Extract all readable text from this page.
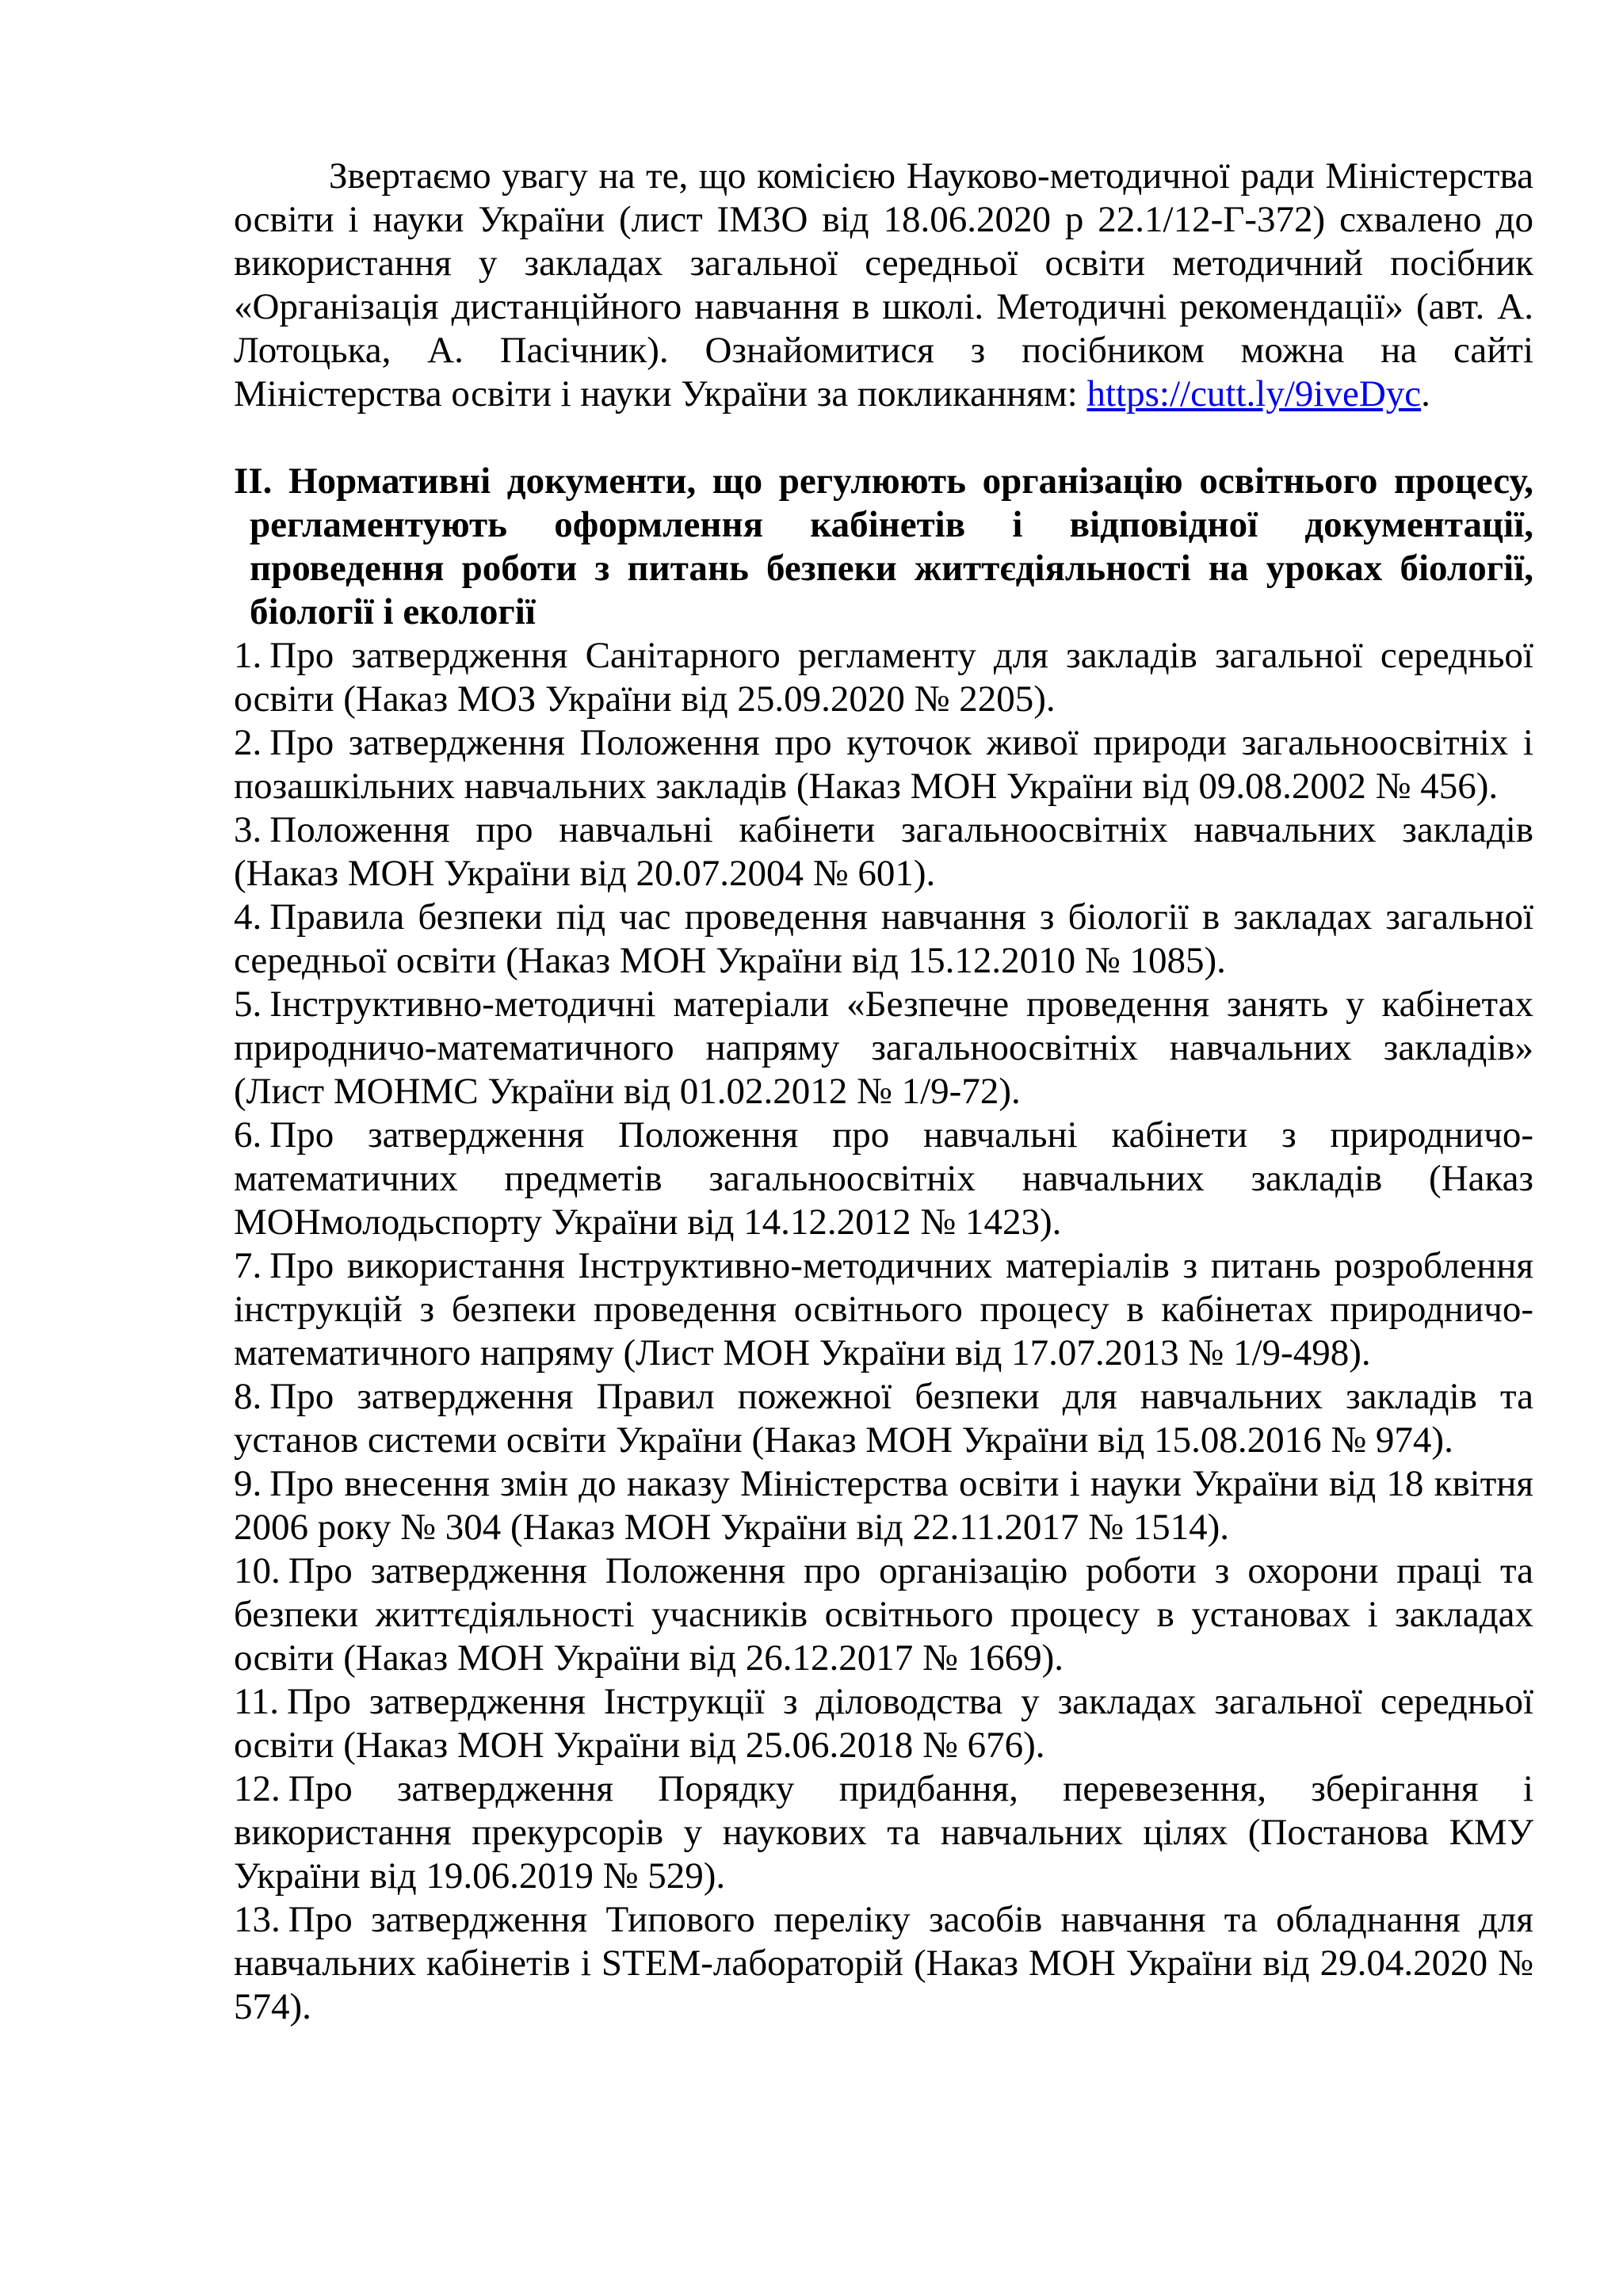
Звертаємо увагу на те, що комісією Науково-методичної ради Міністерства освіти і науки України (лист ІМЗО від 18.06.2020 р 22.1/12-Г-372) схвалено до використання у закладах загальної середньої освіти методичний посібник «Організація дистанційного навчання в школі. Методичні рекомендації» (авт. А. Лотоцька, А. Пасічник). Ознайомитися з посібником можна на сайті Міністерства освіти і науки України за покликанням: https://cutt.ly/9iveDyc.

ІІ. Нормативні документи, що регулюють організацію освітнього процесу, регламентують оформлення кабінетів і відповідної документації, проведення роботи з питань безпеки життєдіяльності на уроках біології, біології і екології

1. Про затвердження Санітарного регламенту для закладів загальної середньої освіти (Наказ МОЗ України від 25.09.2020 № 2205).
2. Про затвердження Положення про куточок живої природи загальноосвітніх і позашкільних навчальних закладів (Наказ МОН України від 09.08.2002 № 456).
3. Положення про навчальні кабінети загальноосвітніх навчальних закладів (Наказ МОН України від 20.07.2004 № 601).
4. Правила безпеки під час проведення навчання з біології в закладах загальної середньої освіти (Наказ МОН України від 15.12.2010 № 1085).
5. Інструктивно-методичні матеріали «Безпечне проведення занять у кабінетах природничо-математичного напряму загальноосвітніх навчальних закладів» (Лист МОНМС України від 01.02.2012 № 1/9-72).
6. Про затвердження Положення про навчальні кабінети з природничо-математичних предметів загальноосвітніх навчальних закладів (Наказ МОНмолодьспорту України від 14.12.2012 № 1423).
7. Про використання Інструктивно-методичних матеріалів з питань розроблення інструкцій з безпеки проведення освітнього процесу в кабінетах природничо-математичного напряму (Лист МОН України від 17.07.2013 № 1/9-498).
8. Про затвердження Правил пожежної безпеки для навчальних закладів та установ системи освіти України (Наказ МОН України від 15.08.2016 № 974).
9. Про внесення змін до наказу Міністерства освіти і науки України від 18 квітня 2006 року № 304 (Наказ МОН України від 22.11.2017 № 1514).
10. Про затвердження Положення про організацію роботи з охорони праці та безпеки життєдіяльності учасників освітнього процесу в установах і закладах освіти (Наказ МОН України від 26.12.2017 № 1669).
11. Про затвердження Інструкції з діловодства у закладах загальної середньої освіти (Наказ МОН України від 25.06.2018 № 676).
12. Про затвердження Порядку придбання, перевезення, зберігання і використання прекурсорів у наукових та навчальних цілях (Постанова КМУ України від 19.06.2019 № 529).
13. Про затвердження Типового переліку засобів навчання та обладнання для навчальних кабінетів і STEM-лабораторій (Наказ МОН України від 29.04.2020 № 574).
